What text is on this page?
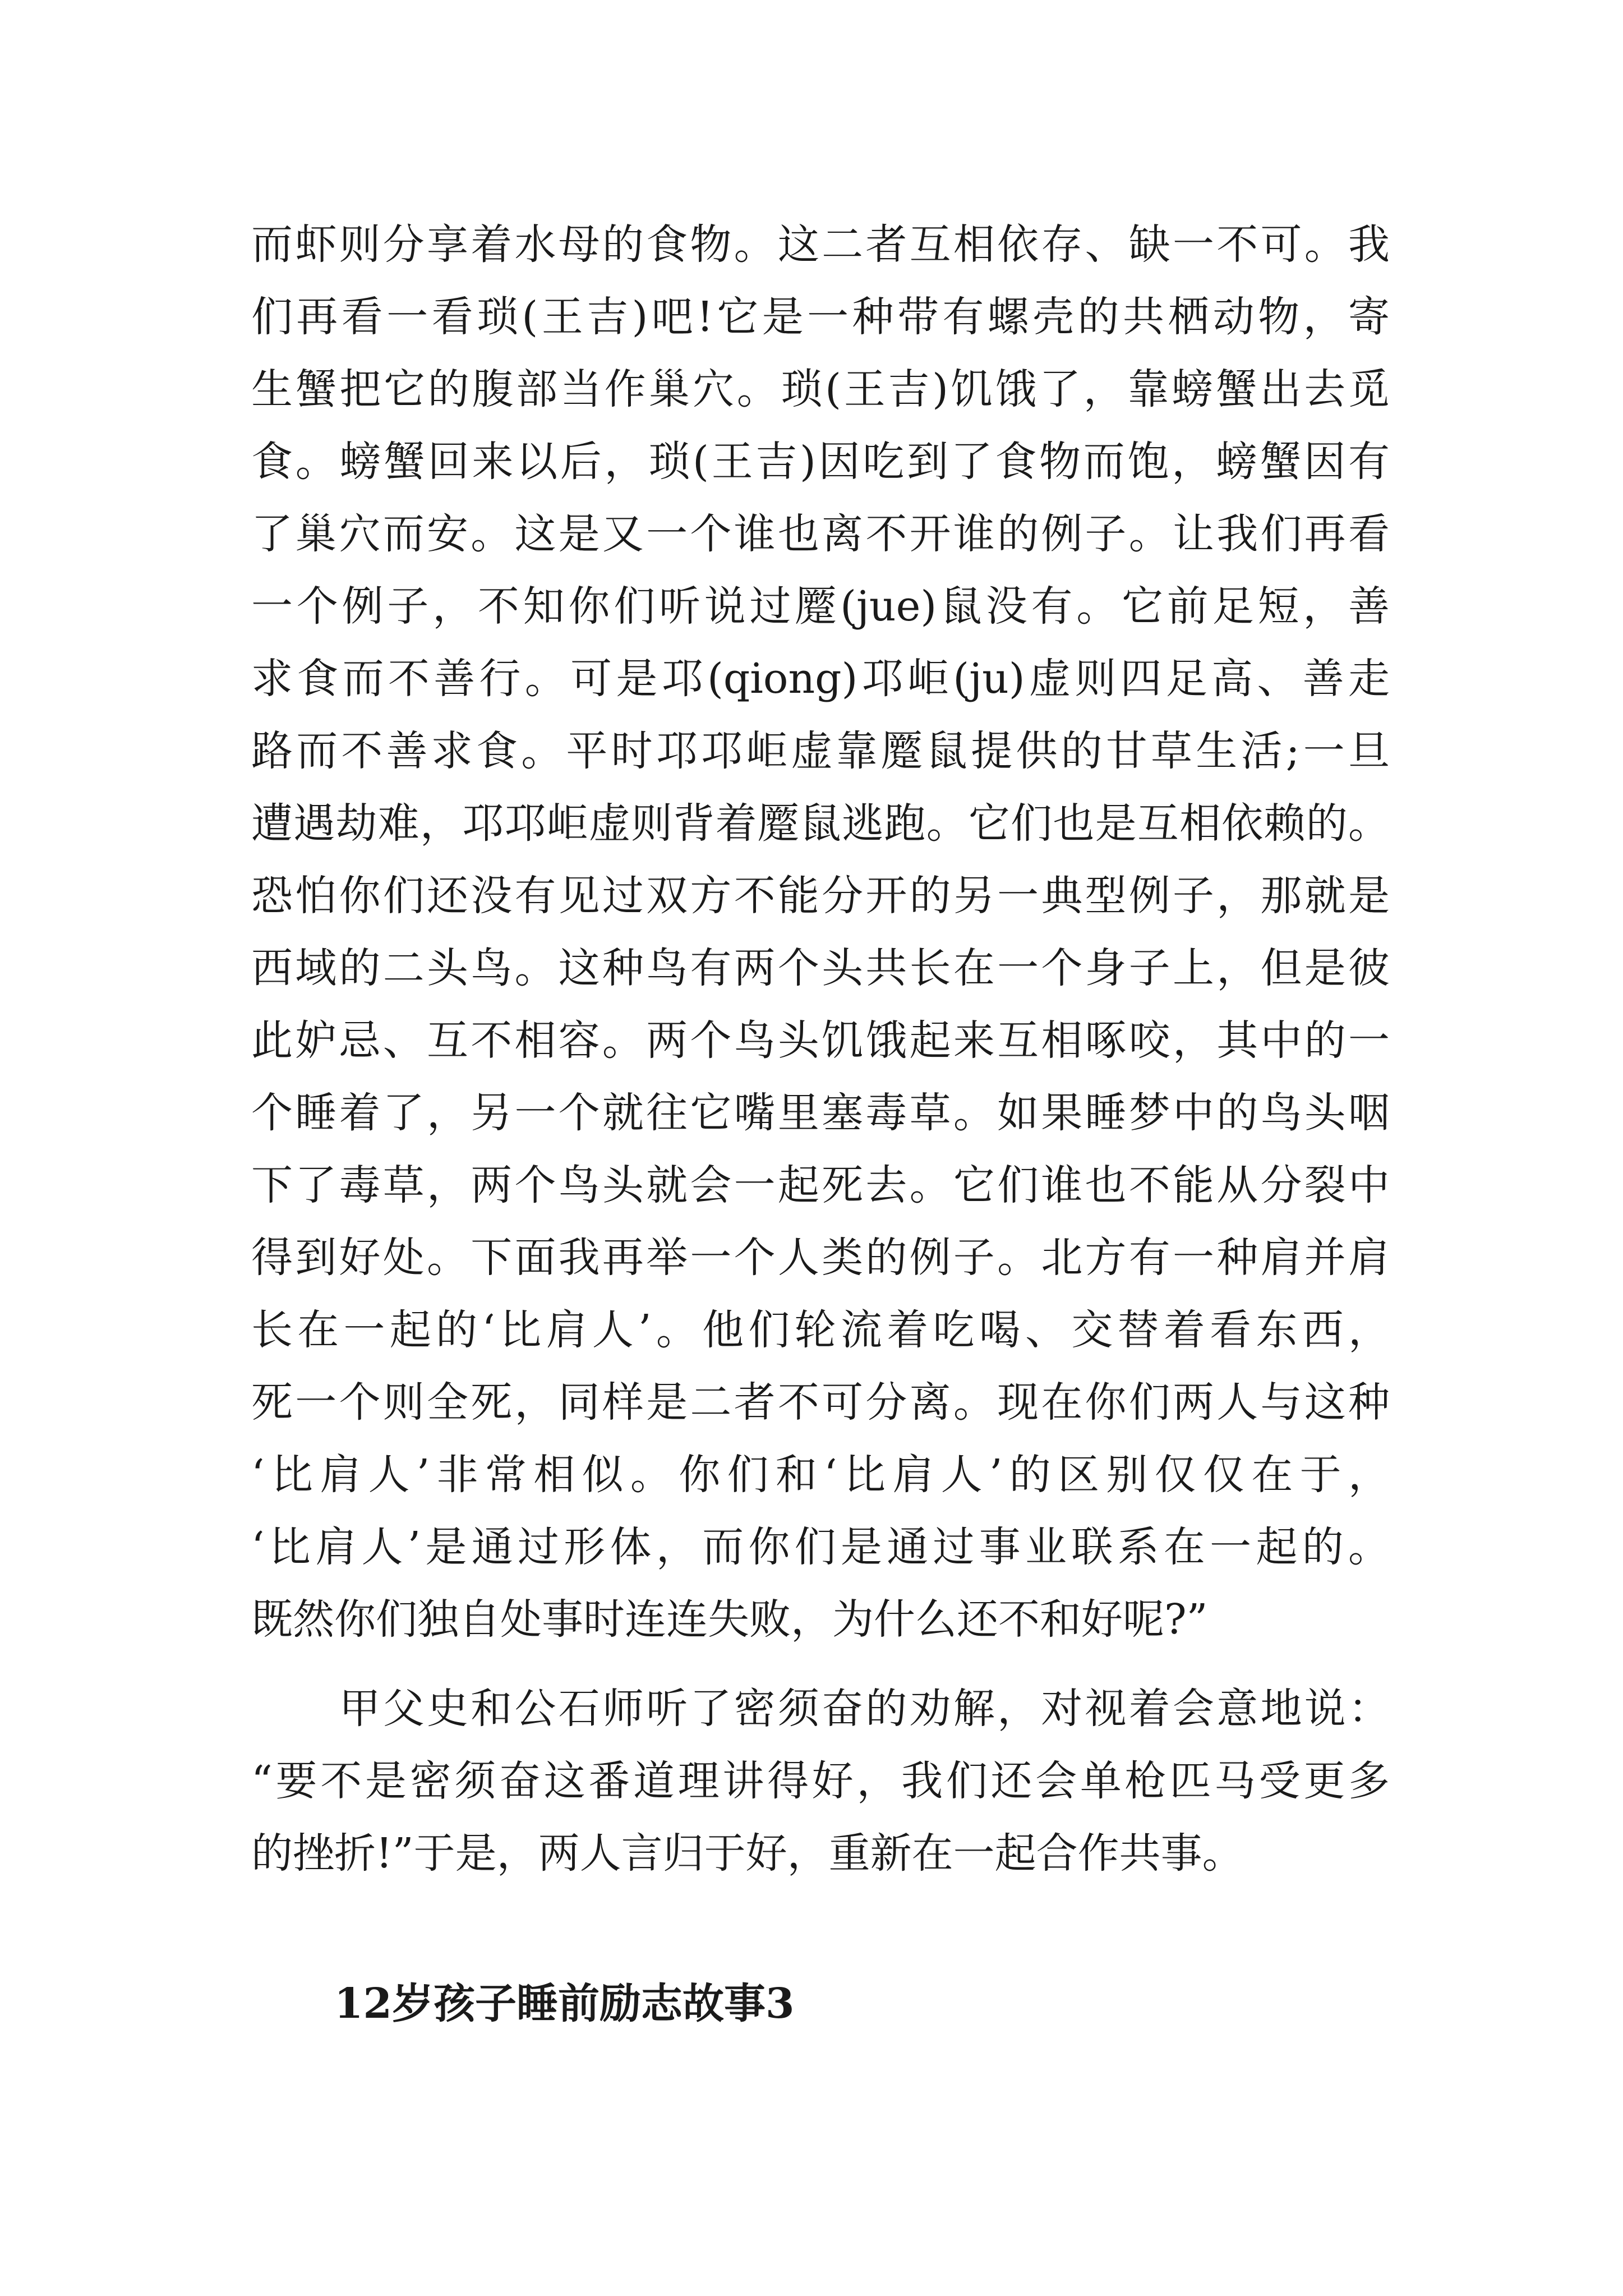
而虾则分享着水母的食物。这二者互相依存、缺一不可。我
们再看一看琐(王吉)吧!它是一种带有螺壳的共栖动物，寄
生蟹把它的腹部当作巢穴。琐(王吉)饥饿了，靠螃蟹出去觅
食。螃蟹回来以后，琐(王吉)因吃到了食物而饱，螃蟹因有
了巢穴而安。这是又一个谁也离不开谁的例子。让我们再看
一个例子，不知你们听说过蹷(jue)鼠没有。它前足短，善
求食而不善行。可是邛(qiong)邛岠(ju)虚则四足高、善走
路而不善求食。平时邛邛岠虚靠蹷鼠提供的甘草生活;一旦
遭遇劫难，邛邛岠虚则背着蹷鼠逃跑。它们也是互相依赖的。
恐怕你们还没有见过双方不能分开的另一典型例子，那就是
西域的二头鸟。这种鸟有两个头共长在一个身子上，但是彼
此妒忌、互不相容。两个鸟头饥饿起来互相啄咬，其中的一
个睡着了，另一个就往它嘴里塞毒草。如果睡梦中的鸟头咽
下了毒草，两个鸟头就会一起死去。它们谁也不能从分裂中
得到好处。下面我再举一个人类的例子。北方有一种肩并肩
长在一起的‘比肩人’。他们轮流着吃喝、交替着看东西，
死一个则全死，同样是二者不可分离。现在你们两人与这种
‘比肩人’非常相似。你们和‘比肩人’的区别仅仅在于，
‘比肩人’是通过形体，而你们是通过事业联系在一起的。
既然你们独自处事时连连失败，为什么还不和好呢?”
　　甲父史和公石师听了密须奋的劝解，对视着会意地说：
“要不是密须奋这番道理讲得好，我们还会单枪匹马受更多
的挫折!”于是，两人言归于好，重新在一起合作共事。
12岁孩子睡前励志故事3
